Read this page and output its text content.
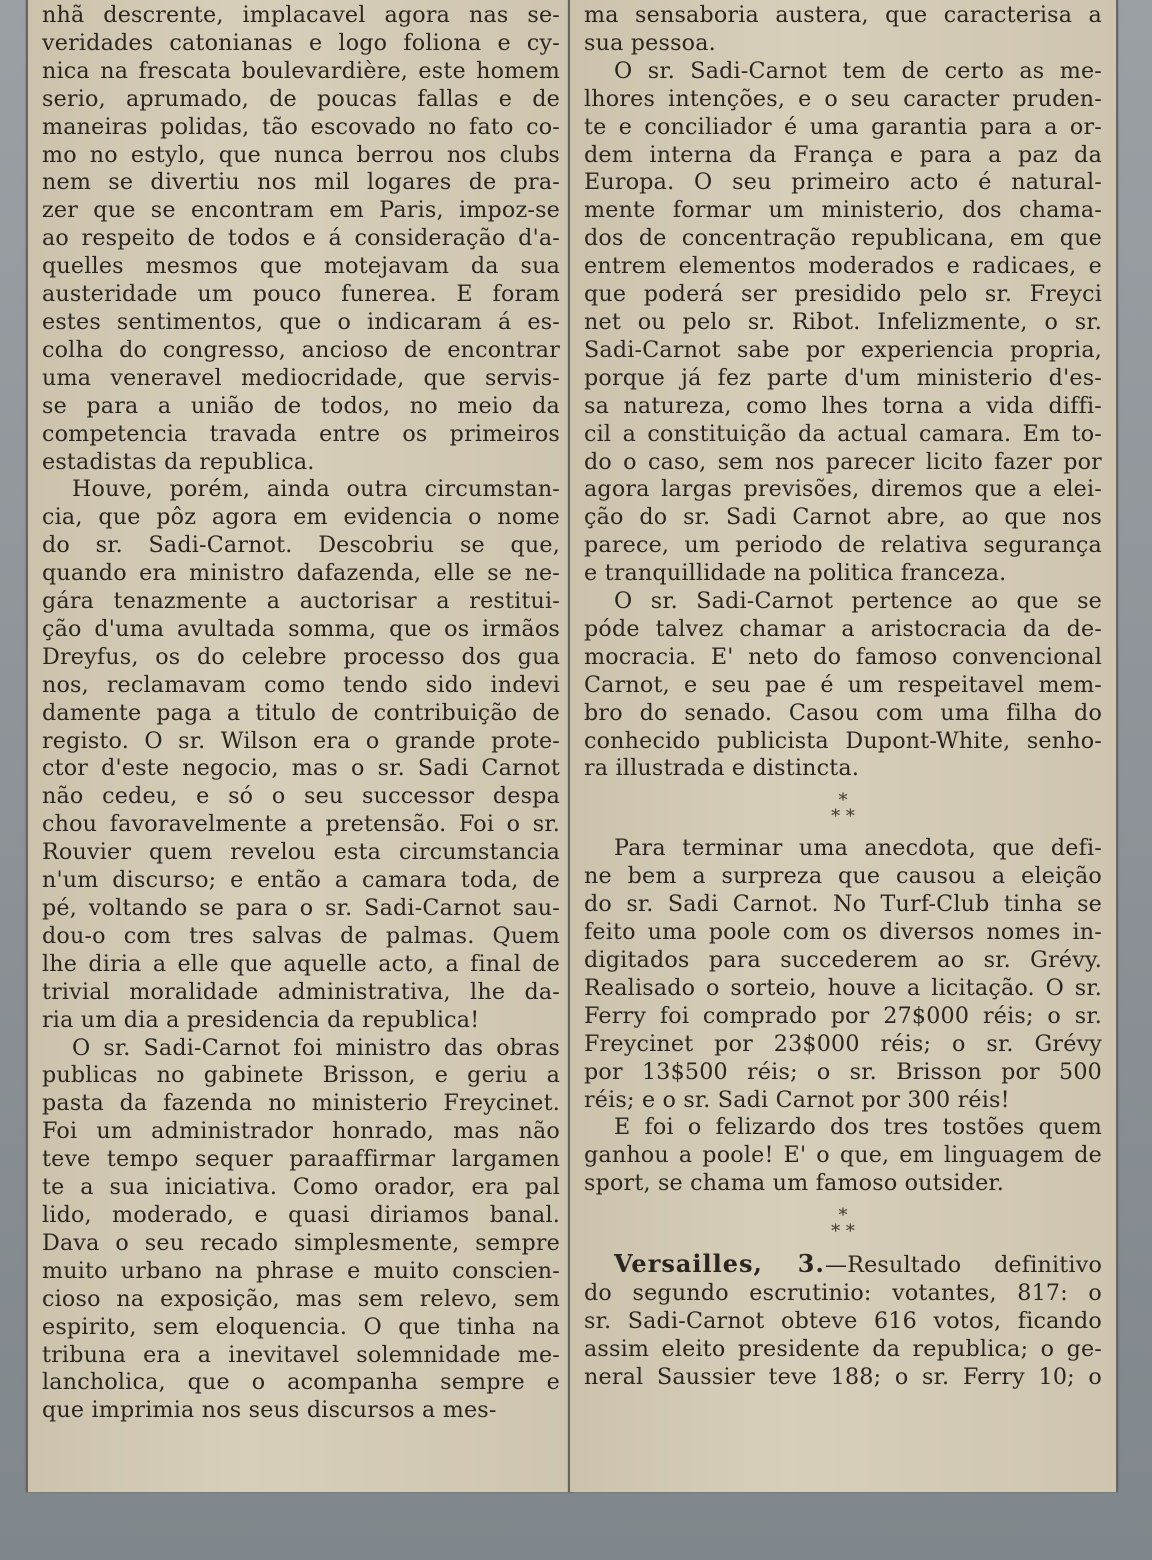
nhã descrente, implacavel agora nas se-
veridades catonianas e logo foliona e cy-
nica na frescata boulevardière, este homem
serio, aprumado, de poucas fallas e de
maneiras polidas, tão escovado no fato co-
mo no estylo, que nunca berrou nos clubs
nem se divertiu nos mil logares de pra-
zer que se encontram em Paris, impoz-se
ao respeito de todos e á consideração d'a-
quelles mesmos que motejavam da sua
austeridade um pouco funerea. E foram
estes sentimentos, que o indicaram á es-
colha do congresso, ancioso de encontrar
uma veneravel mediocridade, que servis-
se para a união de todos, no meio da
competencia travada entre os primeiros
estadistas da republica.
Houve, porém, ainda outra circumstan-
cia, que pôz agora em evidencia o nome
do sr. Sadi-Carnot. Descobriu se que,
quando era ministro dafazenda, elle se ne-
gára tenazmente a auctorisar a restitui-
ção d'uma avultada somma, que os irmãos
Dreyfus, os do celebre processo dos gua
nos, reclamavam como tendo sido indevi
damente paga a titulo de contribuição de
registo. O sr. Wilson era o grande prote-
ctor d'este negocio, mas o sr. Sadi Carnot
não cedeu, e só o seu successor despa
chou favoravelmente a pretensão. Foi o sr.
Rouvier quem revelou esta circumstancia
n'um discurso; e então a camara toda, de
pé, voltando se para o sr. Sadi-Carnot sau-
dou-o com tres salvas de palmas. Quem
lhe diria a elle que aquelle acto, a final de
trivial moralidade administrativa, lhe da-
ria um dia a presidencia da republica!
O sr. Sadi-Carnot foi ministro das obras
publicas no gabinete Brisson, e geriu a
pasta da fazenda no ministerio Freycinet.
Foi um administrador honrado, mas não
teve tempo sequer paraaffirmar largamen
te a sua iniciativa. Como orador, era pal
lido, moderado, e quasi diriamos banal.
Dava o seu recado simplesmente, sempre
muito urbano na phrase e muito conscien-
cioso na exposição, mas sem relevo, sem
espirito, sem eloquencia. O que tinha na
tribuna era a inevitavel solemnidade me-
lancholica, que o acompanha sempre e
que imprimia nos seus discursos a mes-
ma sensaboria austera, que caracterisa a
sua pessoa.
O sr. Sadi-Carnot tem de certo as me-
lhores intenções, e o seu caracter pruden-
te e conciliador é uma garantia para a or-
dem interna da França e para a paz da
Europa. O seu primeiro acto é natural-
mente formar um ministerio, dos chama-
dos de concentração republicana, em que
entrem elementos moderados e radicaes, e
que poderá ser presidido pelo sr. Freyci
net ou pelo sr. Ribot. Infelizmente, o sr.
Sadi-Carnot sabe por experiencia propria,
porque já fez parte d'um ministerio d'es-
sa natureza, como lhes torna a vida diffi-
cil a constituição da actual camara. Em to-
do o caso, sem nos parecer licito fazer por
agora largas previsões, diremos que a elei-
ção do sr. Sadi Carnot abre, ao que nos
parece, um periodo de relativa segurança
e tranquillidade na politica franceza.
O sr. Sadi-Carnot pertence ao que se
póde talvez chamar a aristocracia da de-
mocracia. E' neto do famoso convencional
Carnot, e seu pae é um respeitavel mem-
bro do senado. Casou com uma filha do
conhecido publicista Dupont-White, senho-
ra illustrada e distincta.

*

* *

Para terminar uma anecdota, que defi-
ne bem a surpreza que causou a eleição
do sr. Sadi Carnot. No Turf-Club tinha se
feito uma poole com os diversos nomes in-
digitados para succederem ao sr. Grévy.
Realisado o sorteio, houve a licitação. O sr.
Ferry foi comprado por 27$000 réis; o sr.
Freycinet por 23$000 réis; o sr. Grévy
por 13$500 réis; o sr. Brisson por 500
réis; e o sr. Sadi Carnot por 300 réis!
E foi o felizardo dos tres tostões quem
ganhou a poole! E' o que, em linguagem de
sport, se chama um famoso outsider.

*

* *

Versailles, 3.—Resultado definitivo
do segundo escrutinio: votantes, 817: o
sr. Sadi-Carnot obteve 616 votos, ficando
assim eleito presidente da republica; o ge-
neral Saussier teve 188; o sr. Ferry 10; o
